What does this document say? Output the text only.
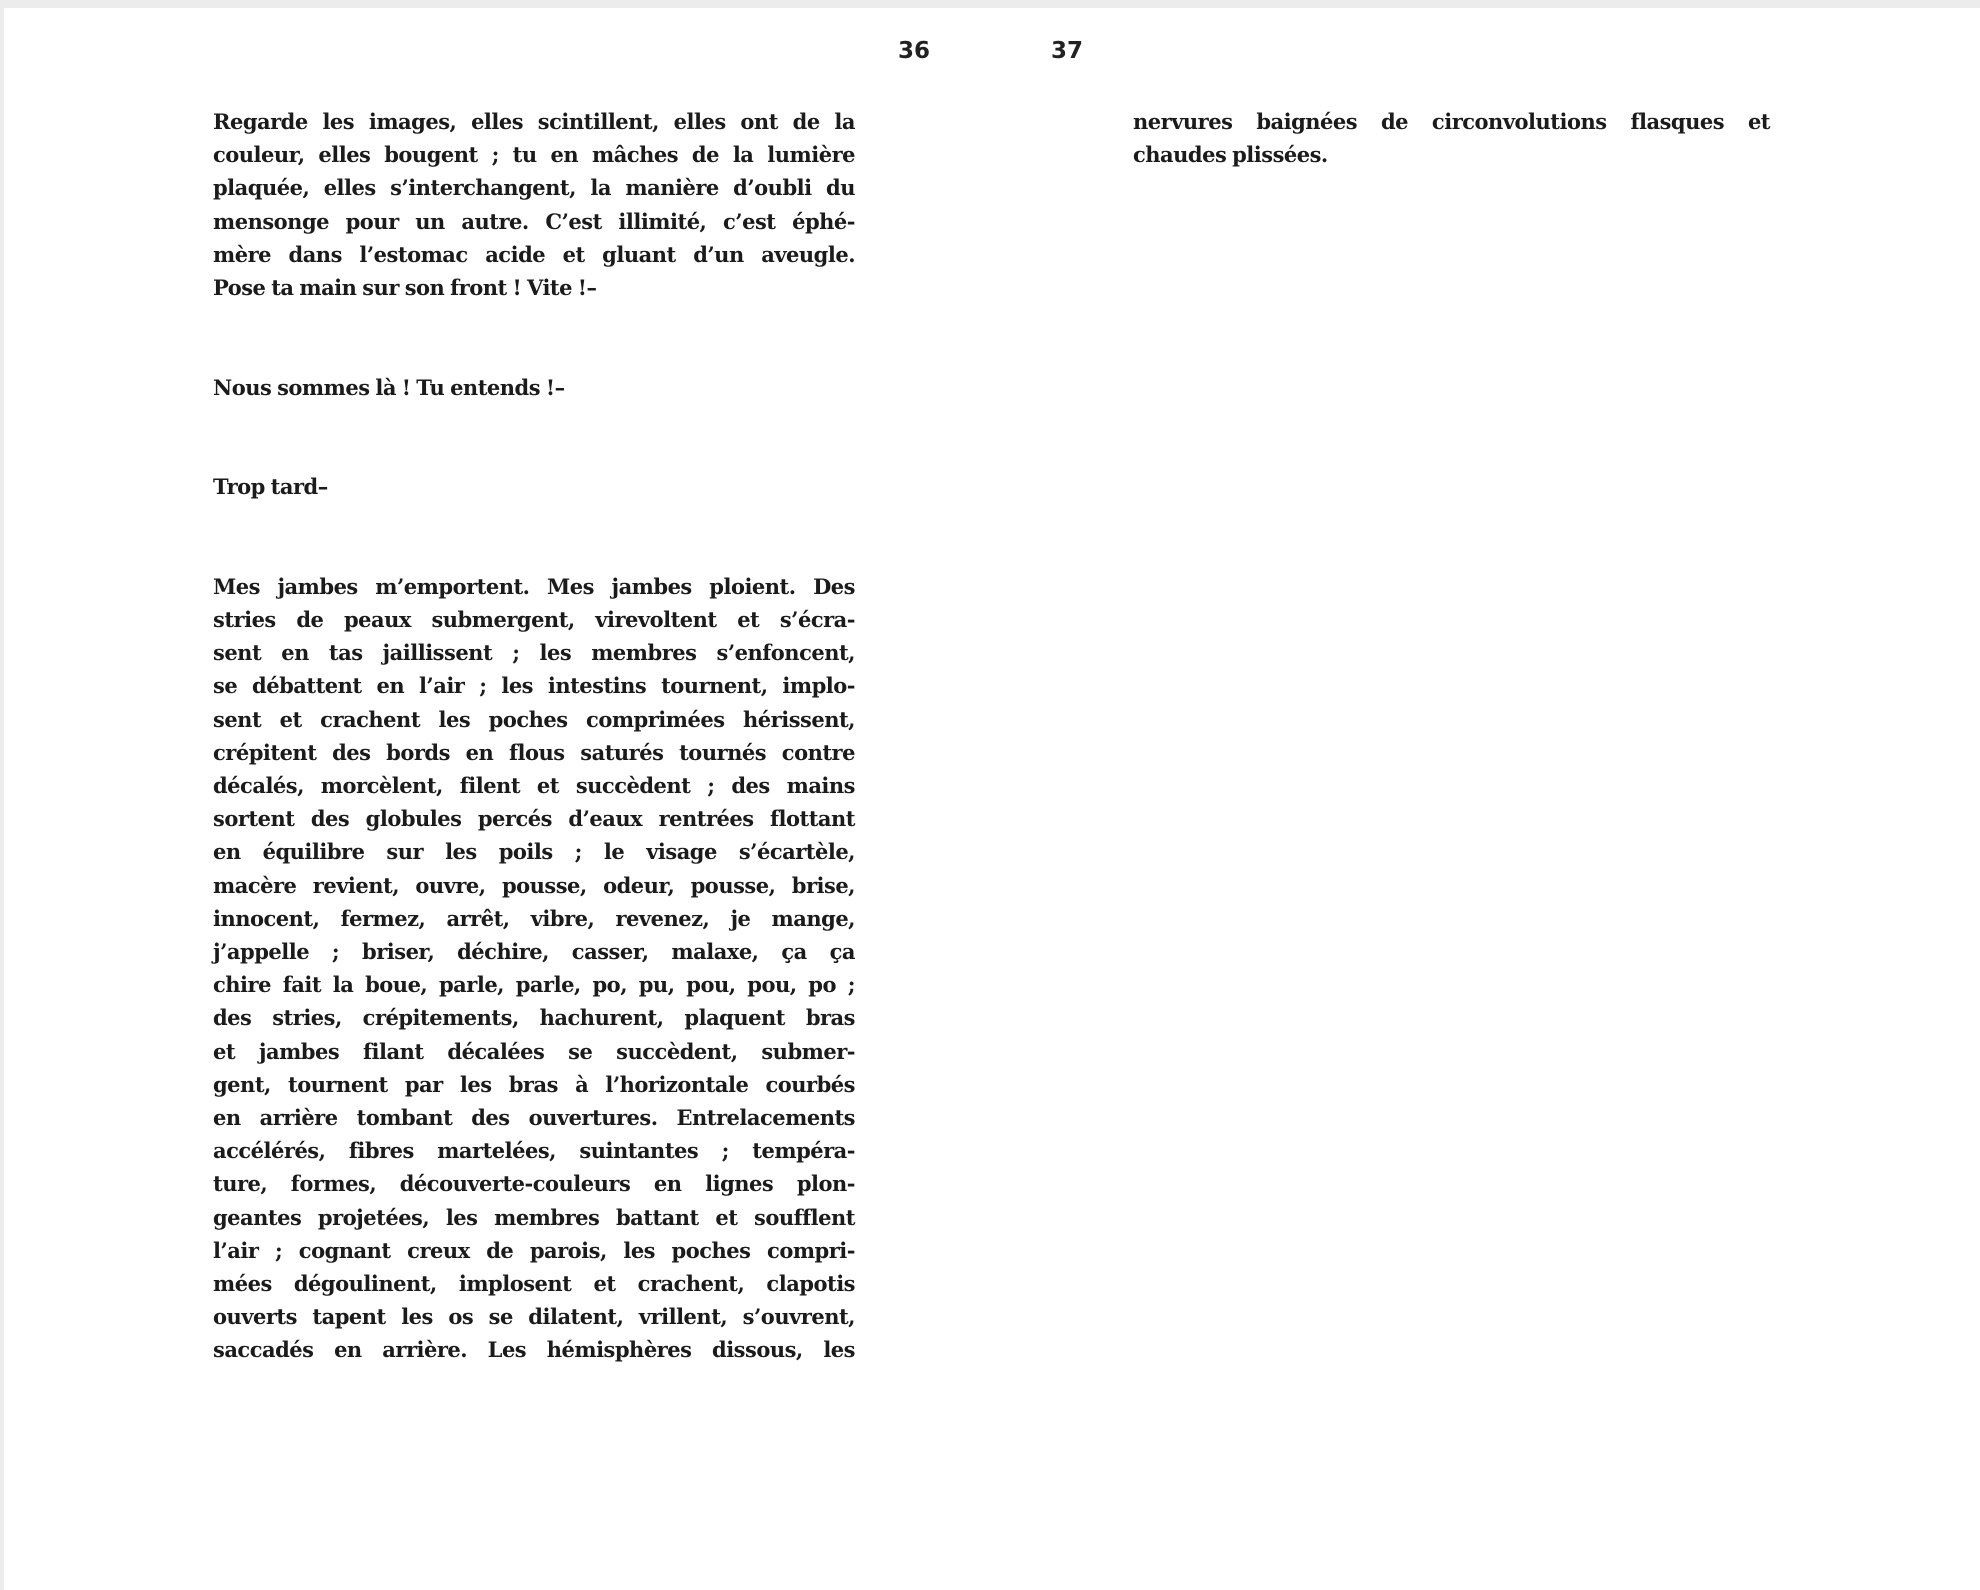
36	37
Regarde les images, elles scintillent, elles ont de la
couleur, elles bougent ; tu en mâches de la lumière
plaquée, elles s’interchangent, la manière d’oubli du
mensonge pour un autre. C’est illimité, c’est éphé-
mère dans l’estomac acide et gluant d’un aveugle.
Pose ta main sur son front ! Vite !–
Nous sommes là ! Tu entends !–
Trop tard–
Mes jambes m’emportent. Mes jambes ploient. Des
stries de peaux submergent, virevoltent et s’écra-
sent en tas jaillissent ; les membres s’enfoncent,
se débattent en l’air ; les intestins tournent, implo-
sent et crachent les poches comprimées hérissent,
crépitent des bords en flous saturés tournés contre
décalés, morcèlent, filent et succèdent ; des mains
sortent des globules percés d’eaux rentrées flottant
en équilibre sur les poils ; le visage s’écartèle,
macère revient, ouvre, pousse, odeur, pousse, brise,
innocent, fermez, arrêt, vibre, revenez, je mange,
j’appelle ; briser, déchire, casser, malaxe, ça ça
chire fait la boue, parle, parle, po, pu, pou, pou, po ;
des stries, crépitements, hachurent, plaquent bras
et jambes filant décalées se succèdent, submer-
gent, tournent par les bras à l’horizontale courbés
en arrière tombant des ouvertures. Entrelacements
accélérés, fibres martelées, suintantes ; tempéra-
ture, formes, découverte-couleurs en lignes plon-
geantes projetées, les membres battant et soufflent
l’air ; cognant creux de parois, les poches compri-
mées dégoulinent, implosent et crachent, clapotis
ouverts tapent les os se dilatent, vrillent, s’ouvrent,
saccadés en arrière. Les hémisphères dissous, les
nervures baignées de circonvolutions flasques et
chaudes plissées.
